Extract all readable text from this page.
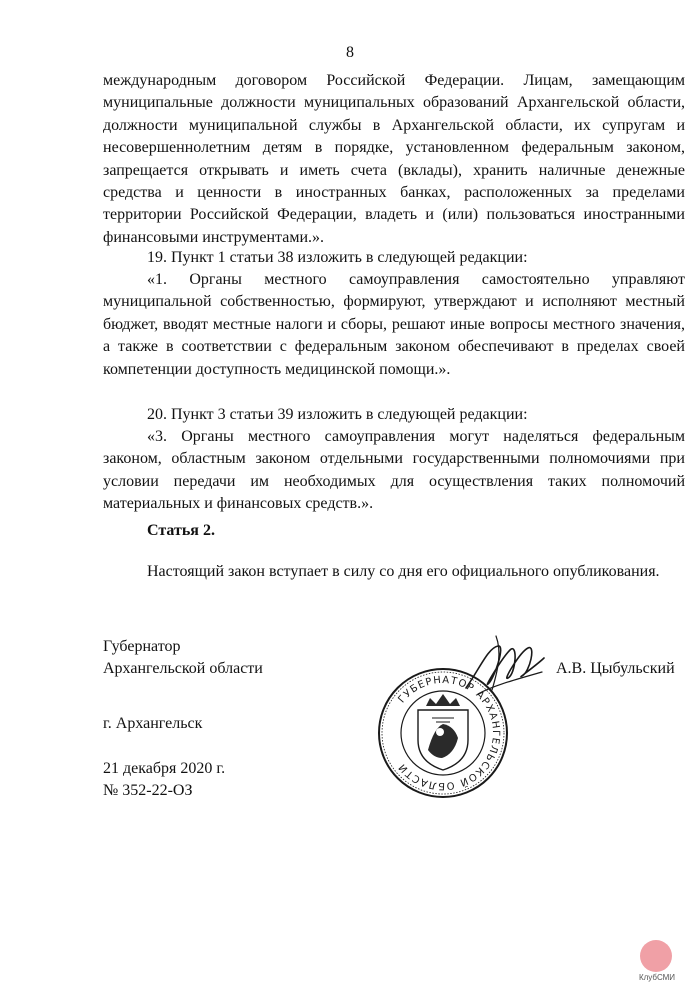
8

международным договором Российской Федерации. Лицам, замещающим муниципальные должности муниципальных образований Архангельской области, должности муниципальной службы в Архангельской области, их супругам и несовершеннолетним детям в порядке, установленном федеральным законом, запрещается открывать и иметь счета (вклады), хранить наличные денежные средства и ценности в иностранных банках, расположенных за пределами территории Российской Федерации, владеть и (или) пользоваться иностранными финансовыми инструментами.».

19. Пункт 1 статьи 38 изложить в следующей редакции:

«1. Органы местного самоуправления самостоятельно управляют муниципальной собственностью, формируют, утверждают и исполняют местный бюджет, вводят местные налоги и сборы, решают иные вопросы местного значения, а также в соответствии с федеральным законом обеспечивают в пределах своей компетенции доступность медицинской помощи.».

20. Пункт 3 статьи 39 изложить в следующей редакции:

«3. Органы местного самоуправления могут наделяться федеральным законом, областным законом отдельными государственными полномочиями при условии передачи им необходимых для осуществления таких полномочий материальных и финансовых средств.».

Статья 2.

Настоящий закон вступает в силу со дня его официального опубликования.

Губернатор

Архангельской области	А.В. Цыбульский

ГУБЕРНАТОР АРХАНГЕЛЬСКОЙ ОБЛАСТИ

г. Архангельск

21 декабря 2020 г.

№ 352-22-ОЗ

КлубСМИ
